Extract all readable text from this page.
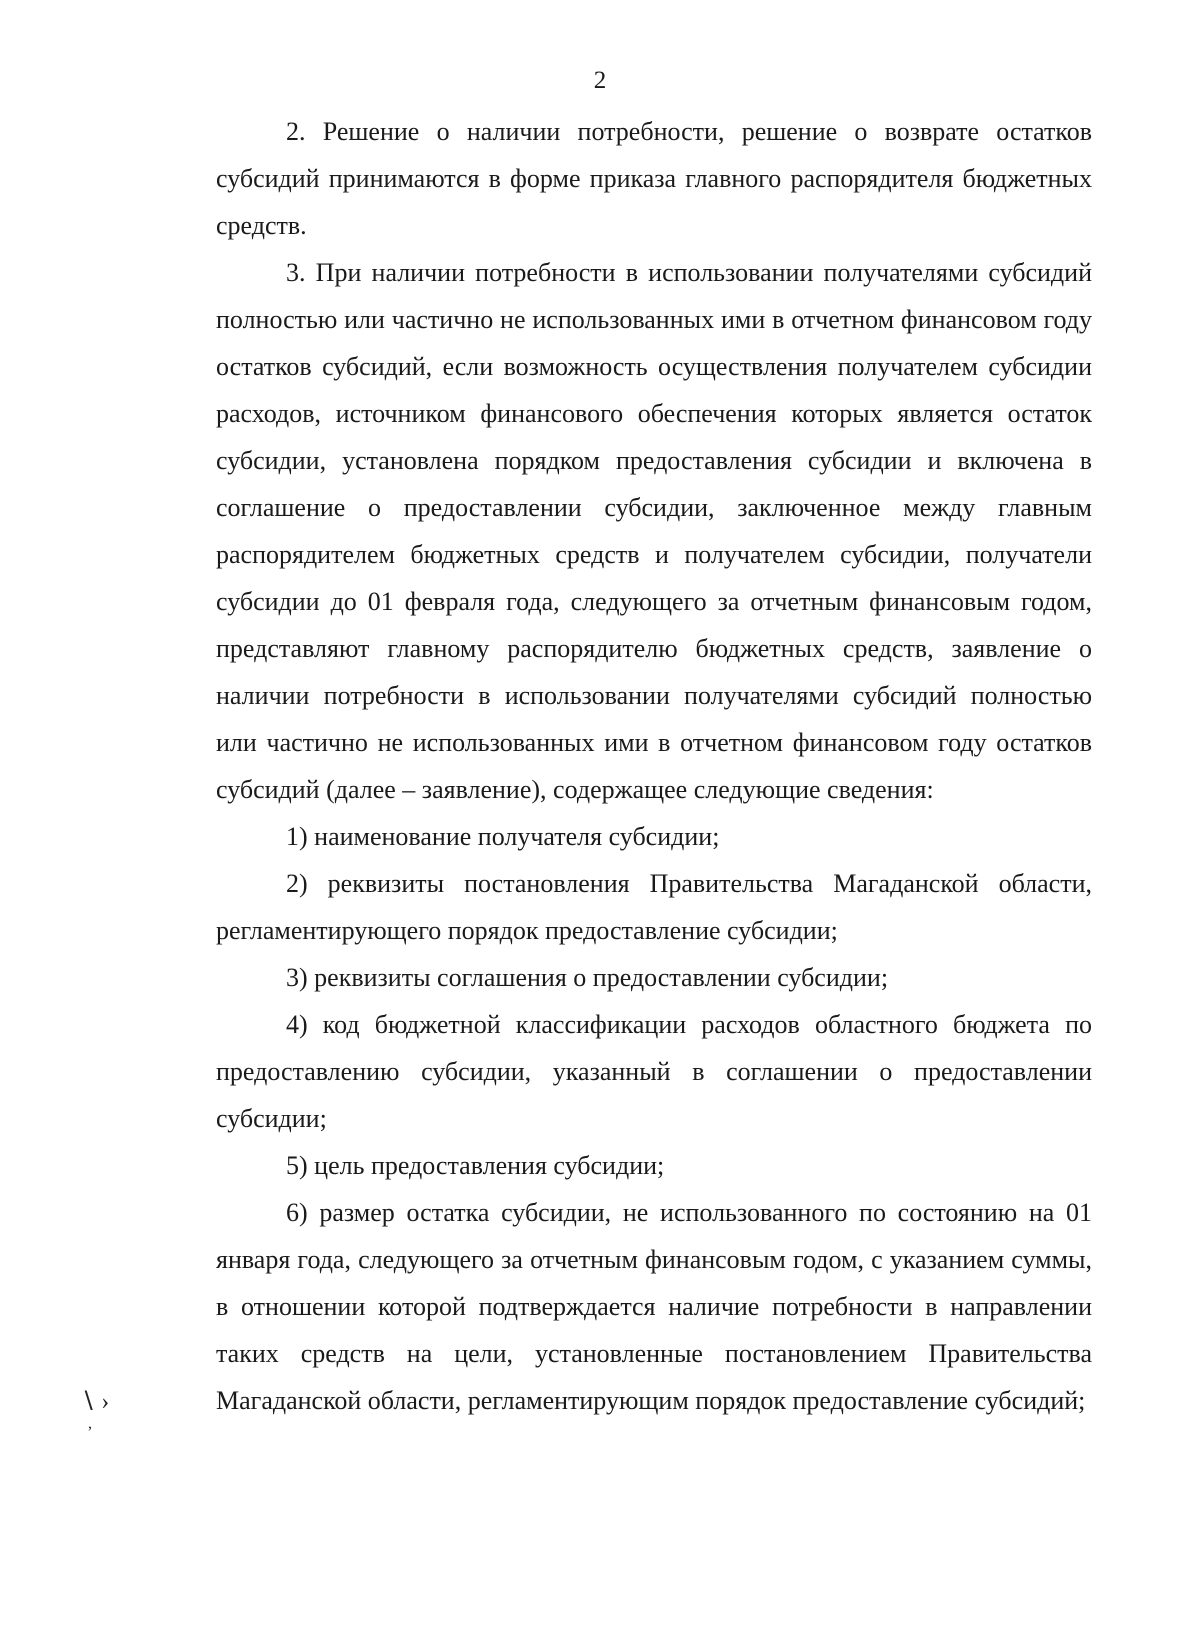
2

2. Решение о наличии потребности, решение о возврате остатков субсидий принимаются в форме приказа главного распорядителя бюджетных средств.

3. При наличии потребности в использовании получателями субсидий полностью или частично не использованных ими в отчетном финансовом году остатков субсидий, если возможность осуществления получателем субсидии расходов, источником финансового обеспечения которых является остаток субсидии, установлена порядком предоставления субсидии и включена в соглашение о предоставлении субсидии, заключенное между главным распорядителем бюджетных средств и получателем субсидии, получатели субсидии до 01 февраля года, следующего за отчетным финансовым годом, представляют главному распорядителю бюджетных средств, заявление о наличии потребности в использовании получателями субсидий полностью или частично не использованных ими в отчетном финансовом году остатков субсидий (далее – заявление), содержащее следующие сведения:

1) наименование получателя субсидии;

2) реквизиты постановления Правительства Магаданской области, регламентирующего порядок предоставление субсидии;

3) реквизиты соглашения о предоставлении субсидии;

4) код бюджетной классификации расходов областного бюджета по предоставлению субсидии, указанный в соглашении о предоставлении субсидии;

5) цель предоставления субсидии;

6) размер остатка субсидии, не использованного по состоянию на 01 января года, следующего за отчетным финансовым годом, с указанием суммы, в отношении которой подтверждается наличие потребности в направлении таких средств на цели, установленные постановлением Правительства Магаданской области, регламентирующим порядок предоставление субсидий;

∖ ›
,
